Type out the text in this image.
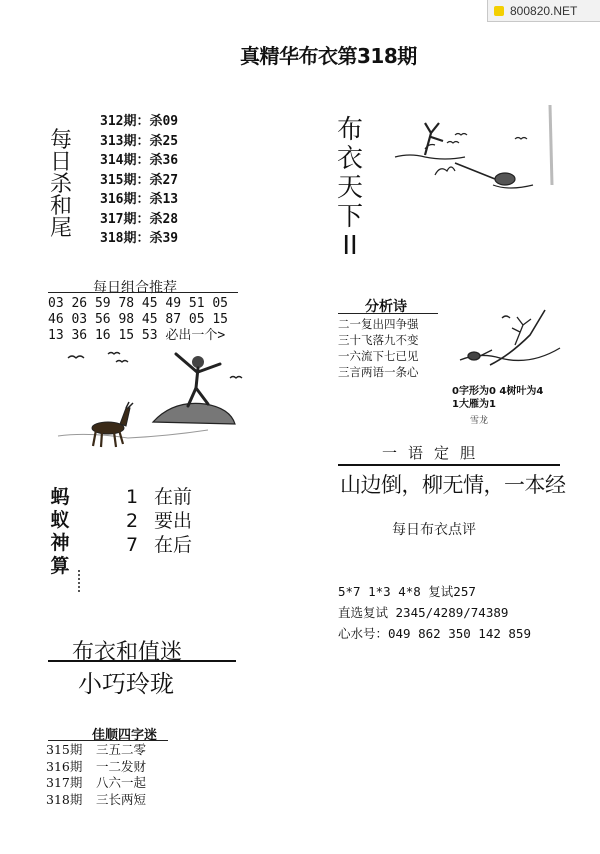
800820.NET
真精华布衣第318期
每
日
杀
和
尾
312期：杀09
313期：杀25
314期：杀36
315期：杀27
316期：杀13
317期：杀28
318期：杀39
每日组合推荐
03 26 59 78 45 49 51 05
46 03 56 98 45 87 05 15
13 36 16 15 53 必出一个>
蚂
蚁
神
算
1 在前
2 要出
7 在后
布衣和值迷
小巧玲珑
佳顺四字迷
315期 三五二零
316期 一二发财
317期 八六一起
318期 三长两短
布
衣
天
下
II
分析诗
二一复出四争强
三十飞落九不变
一六流下七已见
三言两语一条心
0字形为0 4树叶为4
1大雁为1
雪龙
一语定胆
山边倒，柳无情，一本经
每日布衣点评
5*7 1*3 4*8 复试257
直选复试 2345/4289/74389
心水号：049 862 350 142 859
